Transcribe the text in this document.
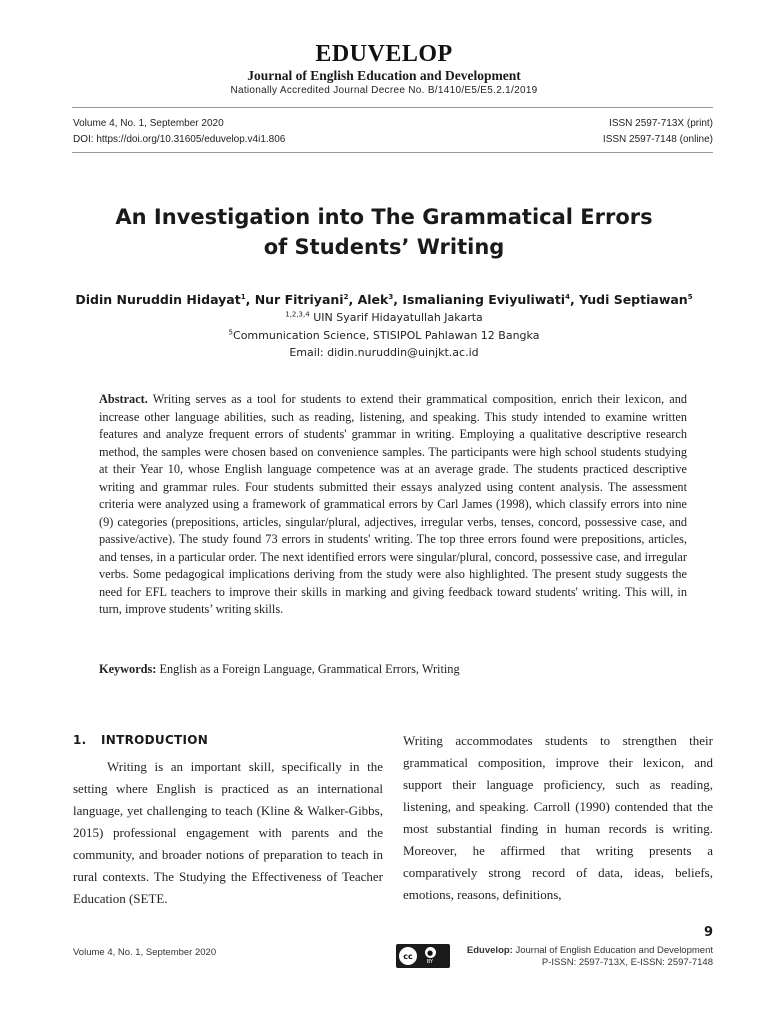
EDUVELOP
Journal of English Education and Development
Nationally Accredited Journal Decree No. B/1410/E5/E5.2.1/2019
Volume 4, No. 1, September 2020
DOI: https://doi.org/10.31605/eduvelop.v4i1.806
ISSN 2597-713X (print)
ISSN 2597-7148 (online)
An Investigation into The Grammatical Errors
of Students’ Writing
Didin Nuruddin Hidayat$^1$, Nur Fitriyani$^2$, Alek$^3$, Ismalianing Eviyuliwati$^4$, Yudi Septiawan$^5$
$^{1,2,3,4}$ UIN Syarif Hidayatullah Jakarta
$^5$Communication Science, STISIPOL Pahlawan 12 Bangka
Email: didin.nuruddin@uinjkt.ac.id
Abstract. Writing serves as a tool for students to extend their grammatical composition, enrich their lexicon, and increase other language abilities, such as reading, listening, and speaking. This study intended to examine written features and analyze frequent errors of students' grammar in writing. Employing a qualitative descriptive research method, the samples were chosen based on convenience samples. The participants were high school students studying at their Year 10, whose English language competence was at an average grade. The students practiced descriptive writing and grammar rules. Four students submitted their essays analyzed using content analysis. The assessment criteria were analyzed using a framework of grammatical errors by Carl James (1998), which classify errors into nine (9) categories (prepositions, articles, singular/plural, adjectives, irregular verbs, tenses, concord, possessive case, and passive/active). The study found 73 errors in students' writing. The top three errors found were prepositions, articles, and tenses, in a particular order. The next identified errors were singular/plural, concord, possessive case, and irregular verbs. Some pedagogical implications deriving from the study were also highlighted. The present study suggests the need for EFL teachers to improve their skills in marking and giving feedback toward students' writing. This will, in turn, improve students’ writing skills.
Keywords: English as a Foreign Language, Grammatical Errors, Writing
1. INTRODUCTION
Writing is an important skill, specifically in the setting where English is practiced as an international language, yet challenging to teach (Kline & Walker-Gibbs, 2015) professional engagement with parents and the community, and broader notions of preparation to teach in rural contexts. The Studying the Effectiveness of Teacher Education (SETE.
Writing accommodates students to strengthen their grammatical composition, improve their lexicon, and support their language proficiency, such as reading, listening, and speaking. Carroll (1990) contended that the most substantial finding in human records is writing. Moreover, he affirmed that writing presents a comparatively strong record of data, ideas, beliefs, emotions, reasons, definitions,
9
Volume 4, No. 1, September 2020	cc	●
BY
Eduvelop: Journal of English Education and Development
P-ISSN: 2597-713X, E-ISSN: 2597-7148
